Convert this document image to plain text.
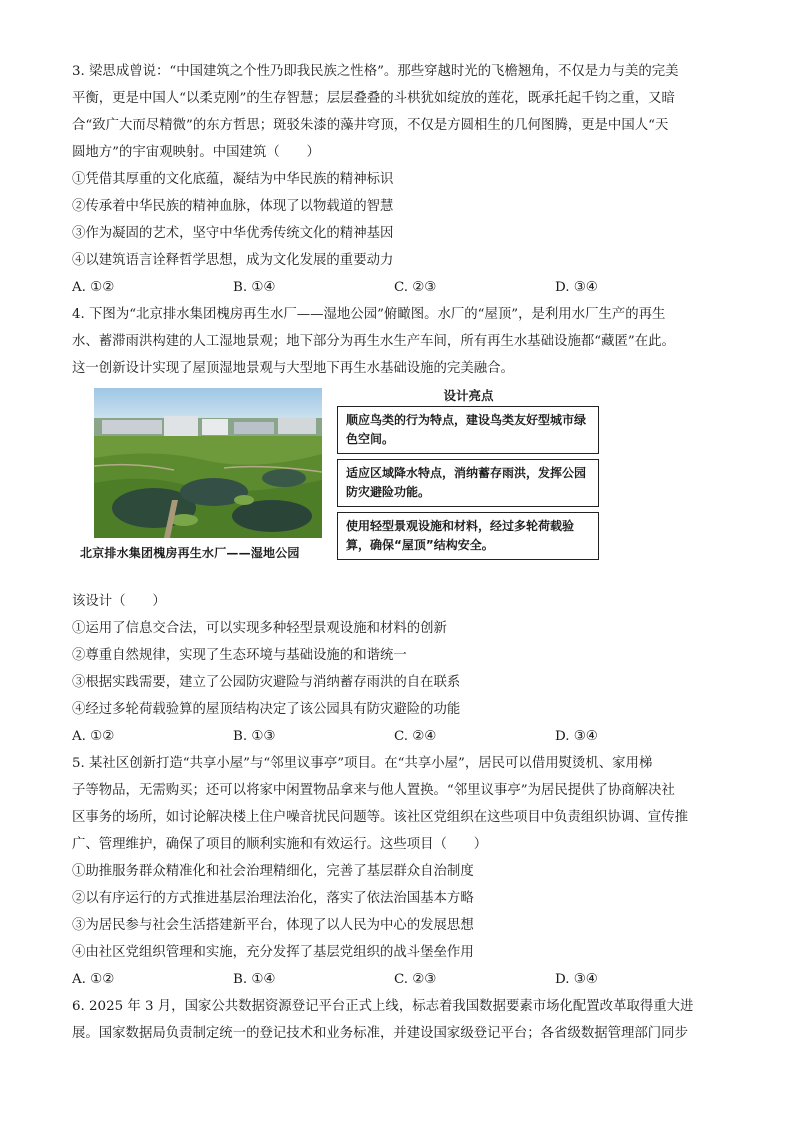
3. 梁思成曾说：“中国建筑之个性乃即我民族之性格”。那些穿越时光的飞檐翘角，不仅是力与美的完美

平衡，更是中国人“以柔克刚”的生存智慧；层层叠叠的斗栱犹如绽放的莲花，既承托起千钧之重，又暗

合“致广大而尽精微”的东方哲思；斑驳朱漆的藻井穹顶，不仅是方圆相生的几何图腾，更是中国人“天

圆地方”的宇宙观映射。中国建筑（　　）

①凭借其厚重的文化底蕴，凝结为中华民族的精神标识

②传承着中华民族的精神血脉，体现了以物载道的智慧

③作为凝固的艺术，坚守中华优秀传统文化的精神基因

④以建筑语言诠释哲学思想，成为文化发展的重要动力

A. ①②	B. ①④	C. ②③	D. ③④

4. 下图为“北京排水集团槐房再生水厂——湿地公园”俯瞰图。水厂的“屋顶”，是利用水厂生产的再生

水、蓄滞雨洪构建的人工湿地景观；地下部分为再生水生产车间，所有再生水基础设施都“藏匿”在此。

这一创新设计实现了屋顶湿地景观与大型地下再生水基础设施的完美融合。

北京排水集团槐房再生水厂——湿地公园
设计亮点
顺应鸟类的行为特点，建设鸟类友好型城市绿色空间。
适应区域降水特点，消纳蓄存雨洪，发挥公园防灾避险功能。
使用轻型景观设施和材料，经过多轮荷载验算，确保“屋顶”结构安全。

该设计（　　）

①运用了信息交合法，可以实现多种轻型景观设施和材料的创新

②尊重自然规律，实现了生态环境与基础设施的和谐统一

③根据实践需要，建立了公园防灾避险与消纳蓄存雨洪的自在联系

④经过多轮荷载验算的屋顶结构决定了该公园具有防灾避险的功能

A. ①②	B. ①③	C. ②④	D. ③④

5. 某社区创新打造“共享小屋”与“邻里议事亭”项目。在“共享小屋”，居民可以借用熨烫机、家用梯

子等物品，无需购买；还可以将家中闲置物品拿来与他人置换。“邻里议事亭”为居民提供了协商解决社

区事务的场所，如讨论解决楼上住户噪音扰民问题等。该社区党组织在这些项目中负责组织协调、宣传推

广、管理维护，确保了项目的顺利实施和有效运行。这些项目（　　）

①助推服务群众精准化和社会治理精细化，完善了基层群众自治制度

②以有序运行的方式推进基层治理法治化，落实了依法治国基本方略

③为居民参与社会生活搭建新平台，体现了以人民为中心的发展思想

④由社区党组织管理和实施，充分发挥了基层党组织的战斗堡垒作用

A. ①②	B. ①④	C. ②③	D. ③④

6. 2025 年 3 月，国家公共数据资源登记平台正式上线，标志着我国数据要素市场化配置改革取得重大进

展。国家数据局负责制定统一的登记技术和业务标准，并建设国家级登记平台；各省级数据管理部门同步
